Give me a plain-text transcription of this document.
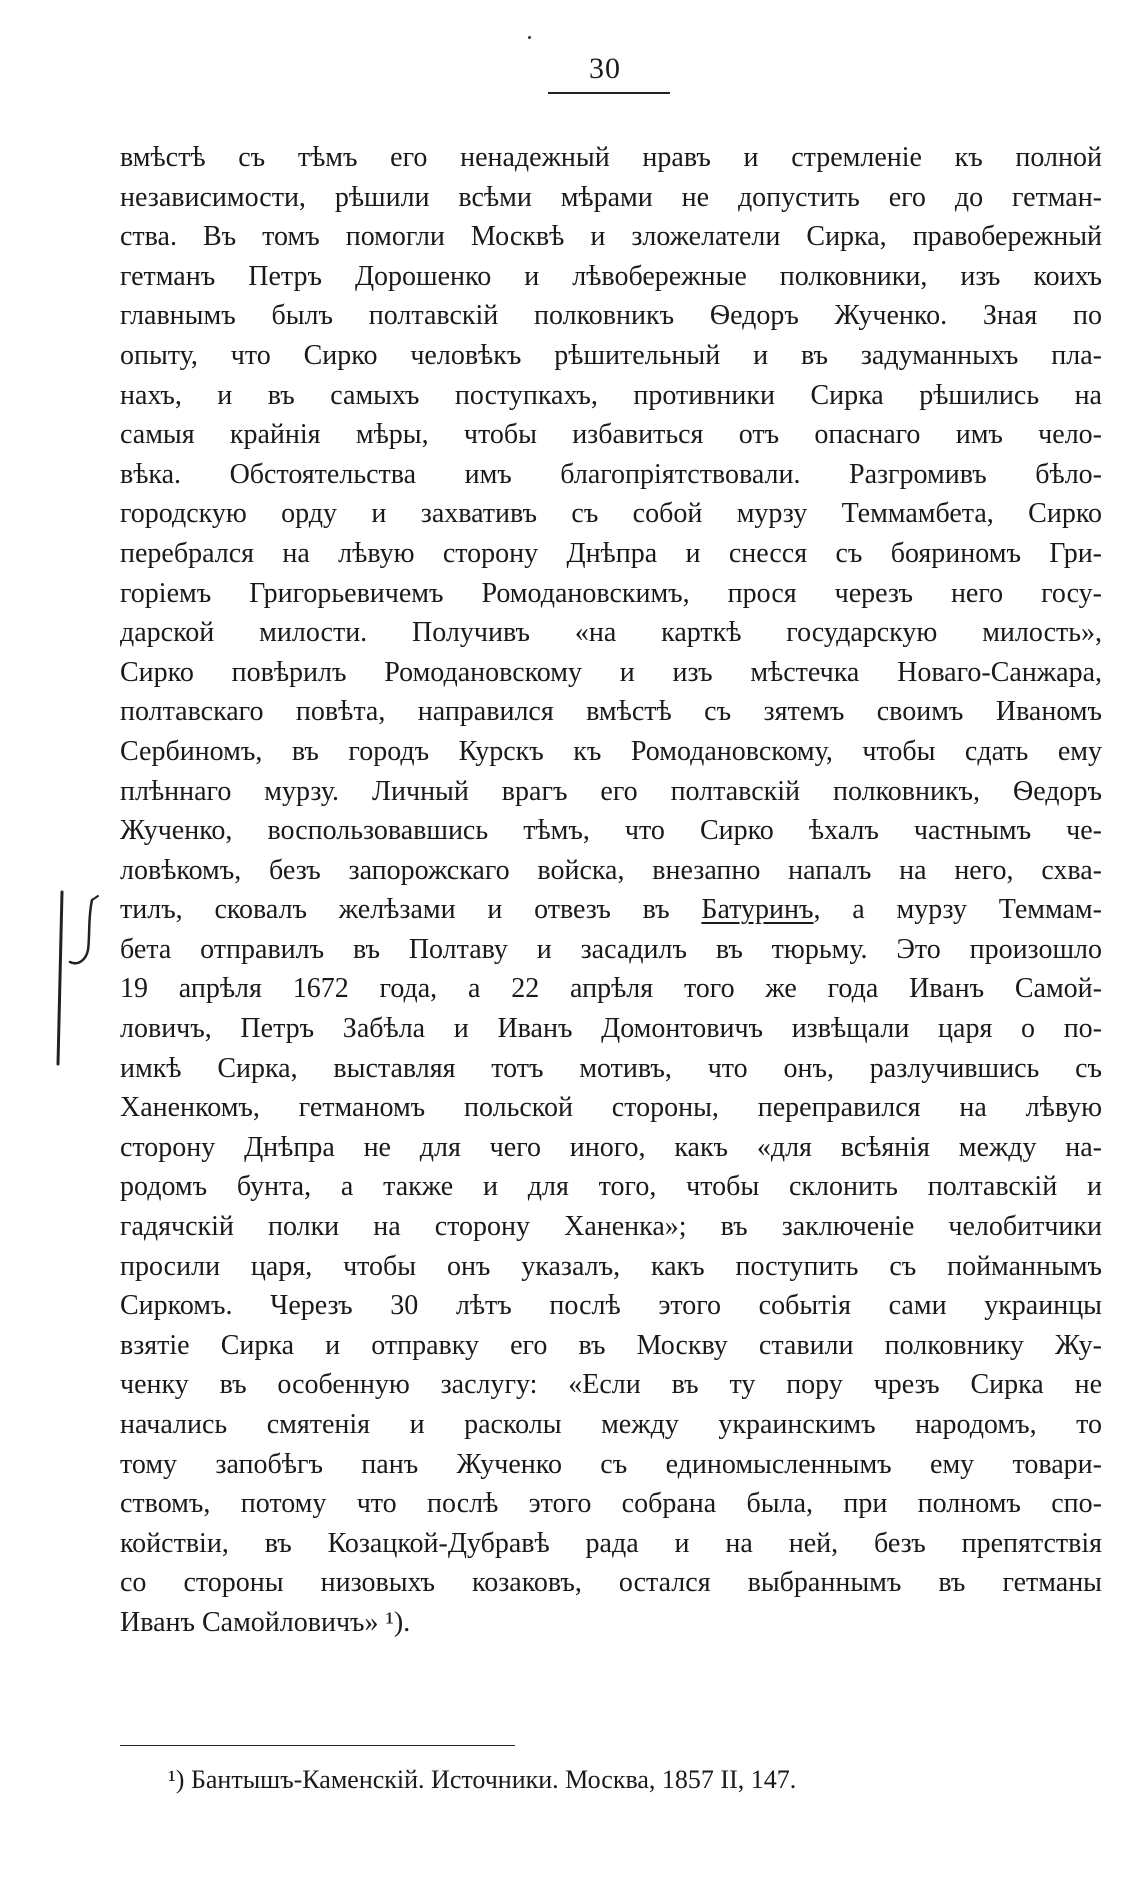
30
вмѣстѣ съ тѣмъ его ненадежный нравъ и стремленіе къ полной
независимости, рѣшили всѣми мѣрами не допустить его до гетман-
ства. Въ томъ помогли Москвѣ и зложелатели Сирка, правобережный
гетманъ Петръ Дорошенко и лѣвобережные полковники, изъ коихъ
главнымъ былъ полтавскій полковникъ Ѳедоръ Жученко. Зная по
опыту, что Сирко человѣкъ рѣшительный и въ задуманныхъ пла-
нахъ, и въ самыхъ поступкахъ, противники Сирка рѣшились на
самыя крайнія мѣры, чтобы избавиться отъ опаснаго имъ чело-
вѣка. Обстоятельства имъ благопріятствовали. Разгромивъ бѣло-
городскую орду и захвативъ съ собой мурзу Теммамбета, Сирко
перебрался на лѣвую сторону Днѣпра и снесся съ бояриномъ Гри-
горіемъ Григорьевичемъ Ромодановскимъ, прося черезъ него госу-
дарской милости. Получивъ «на карткѣ государскую милость»,
Сирко повѣрилъ Ромодановскому и изъ мѣстечка Новаго-Санжара,
полтавскаго повѣта, направился вмѣстѣ съ зятемъ своимъ Иваномъ
Сербиномъ, въ городъ Курскъ къ Ромодановскому, чтобы сдать ему
плѣннаго мурзу. Личный врагъ его полтавскій полковникъ, Ѳедоръ
Жученко, воспользовавшись тѣмъ, что Сирко ѣхалъ частнымъ че-
ловѣкомъ, безъ запорожскаго войска, внезапно напалъ на него, схва-
тилъ, сковалъ желѣзами и отвезъ въ Батуринъ, а мурзу Теммам-
бета отправилъ въ Полтаву и засадилъ въ тюрьму. Это произошло
19 апрѣля 1672 года, а 22 апрѣля того же года Иванъ Самой-
ловичъ, Петръ Забѣла и Иванъ Домонтовичъ извѣщали царя о по-
имкѣ Сирка, выставляя тотъ мотивъ, что онъ, разлучившись съ
Ханенкомъ, гетманомъ польской стороны, переправился на лѣвую
сторону Днѣпра не для чего иного, какъ «для всѣянія между на-
родомъ бунта, а также и для того, чтобы склонить полтавскій и
гадячскій полки на сторону Ханенка»; въ заключеніе челобитчики
просили царя, чтобы онъ указалъ, какъ поступить съ пойманнымъ
Сиркомъ. Черезъ 30 лѣтъ послѣ этого событія сами украинцы
взятіе Сирка и отправку его въ Москву ставили полковнику Жу-
ченку въ особенную заслугу: «Если въ ту пору чрезъ Сирка не
начались смятенія и расколы между украинскимъ народомъ, то
тому запобѣгъ панъ Жученко съ единомысленнымъ ему товари-
ствомъ, потому что послѣ этого собрана была, при полномъ спо-
койствіи, въ Козацкой-Дубравѣ рада и на ней, безъ препятствія
со стороны низовыхъ козаковъ, остался выбраннымъ въ гетманы
Иванъ Самойловичъ» ¹).
¹) Бантышъ-Каменскій. Источники. Москва, 1857 II, 147.
